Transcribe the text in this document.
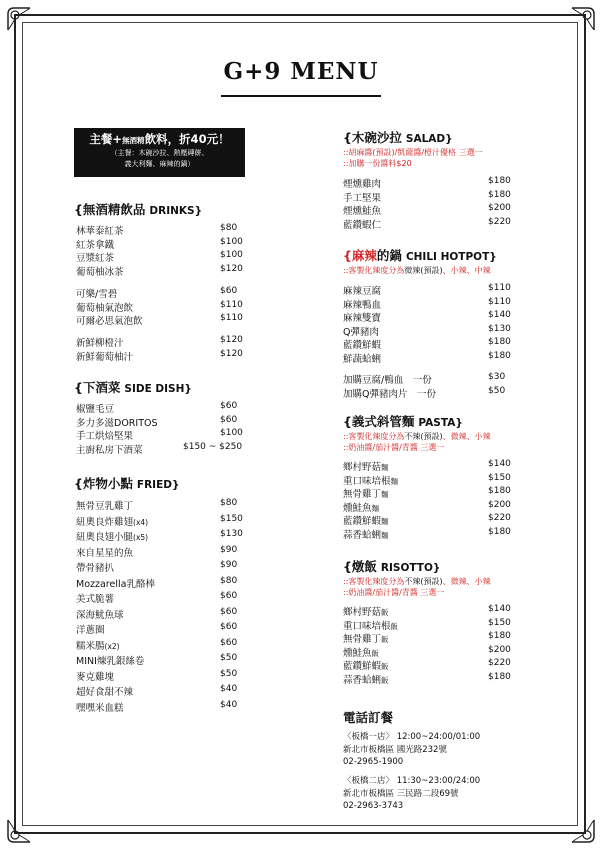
G+9 MENU
主餐+無酒精飲料，折40元！
（主餐：木碗沙拉、熱壓磚餅、
義大利麵、麻辣的鍋）
{無酒精飲品 DRINKS}
林華泰紅茶	$80
紅茶拿鐵	$100
豆漿紅茶	$100
葡萄柚冰茶	$120
可樂/雪碧	$60
葡萄柚氣泡飲	$110
可爾必思氣泡飲	$110
新鮮柳橙汁	$120
新鮮葡萄柚汁	$120
{下酒菜 SIDE DISH}
椒鹽毛豆	$60
多力多滋DORITOS	$60
手工烘焙堅果	$100
主廚私房下酒菜	$150 ~ $250
{炸物小點 FRIED}
無骨豆乳雞丁	$80
紐奧良炸雞翅(x4)	$150
紐奧良翅小腿(x5)	$130
來自星星的魚	$90
帶骨豬扒	$90
Mozzarella乳酪棒	$80
美式脆薯	$60
深海魷魚球	$60
洋蔥圈	$60
糯米腸(x2)	$60
MINI煉乳銀絲卷	$50
麥克雞塊	$50
超好食甜不辣	$40
嘿嘿米血糕	$40
{木碗沙拉 SALAD}
::胡麻醬(預設)/凱薩醬/橙汁優格 三選一
::加購一份醬料$20
煙燻雞肉	$180
手工堅果	$180
煙燻鮭魚	$200
藍鑽蝦仁	$220
{麻辣的鍋 CHILI HOTPOT}
::客製化辣度分為微辣(預設)、小辣、中辣
麻辣豆腐	$110
麻辣鴨血	$110
麻辣雙寶	$140
Q彈豬肉	$130
藍鑽鮮蝦	$180
鮮蔬蛤蜊	$180
加購豆腐/鴨血　一份	$30
加購Q彈豬肉片　一份	$50
{義式斜管麵 PASTA}
::客製化辣度分為不辣(預設)、微辣、小辣
::奶油醬/茄汁醬/青醬 三選一
鄉村野菇麵	$140
重口味培根麵	$150
無骨雞丁麵	$180
燻鮭魚麵	$200
藍鑽鮮蝦麵	$220
蒜香蛤蜊麵	$180
{燉飯 RISOTTO}
::客製化辣度分為不辣(預設)、微辣、小辣
::奶油醬/茄汁醬/青醬 三選一
鄉村野菇飯	$140
重口味培根飯	$150
無骨雞丁飯	$180
燻鮭魚飯	$200
藍鑽鮮蝦飯	$220
蒜香蛤蜊飯	$180
電話訂餐
〈板橋一店〉 12:00~24:00/01:00
新北市板橋區 國光路232號
02-2965-1900
〈板橋二店〉 11:30~23:00/24:00
新北市板橋區 三民路二段69號
02-2963-3743
